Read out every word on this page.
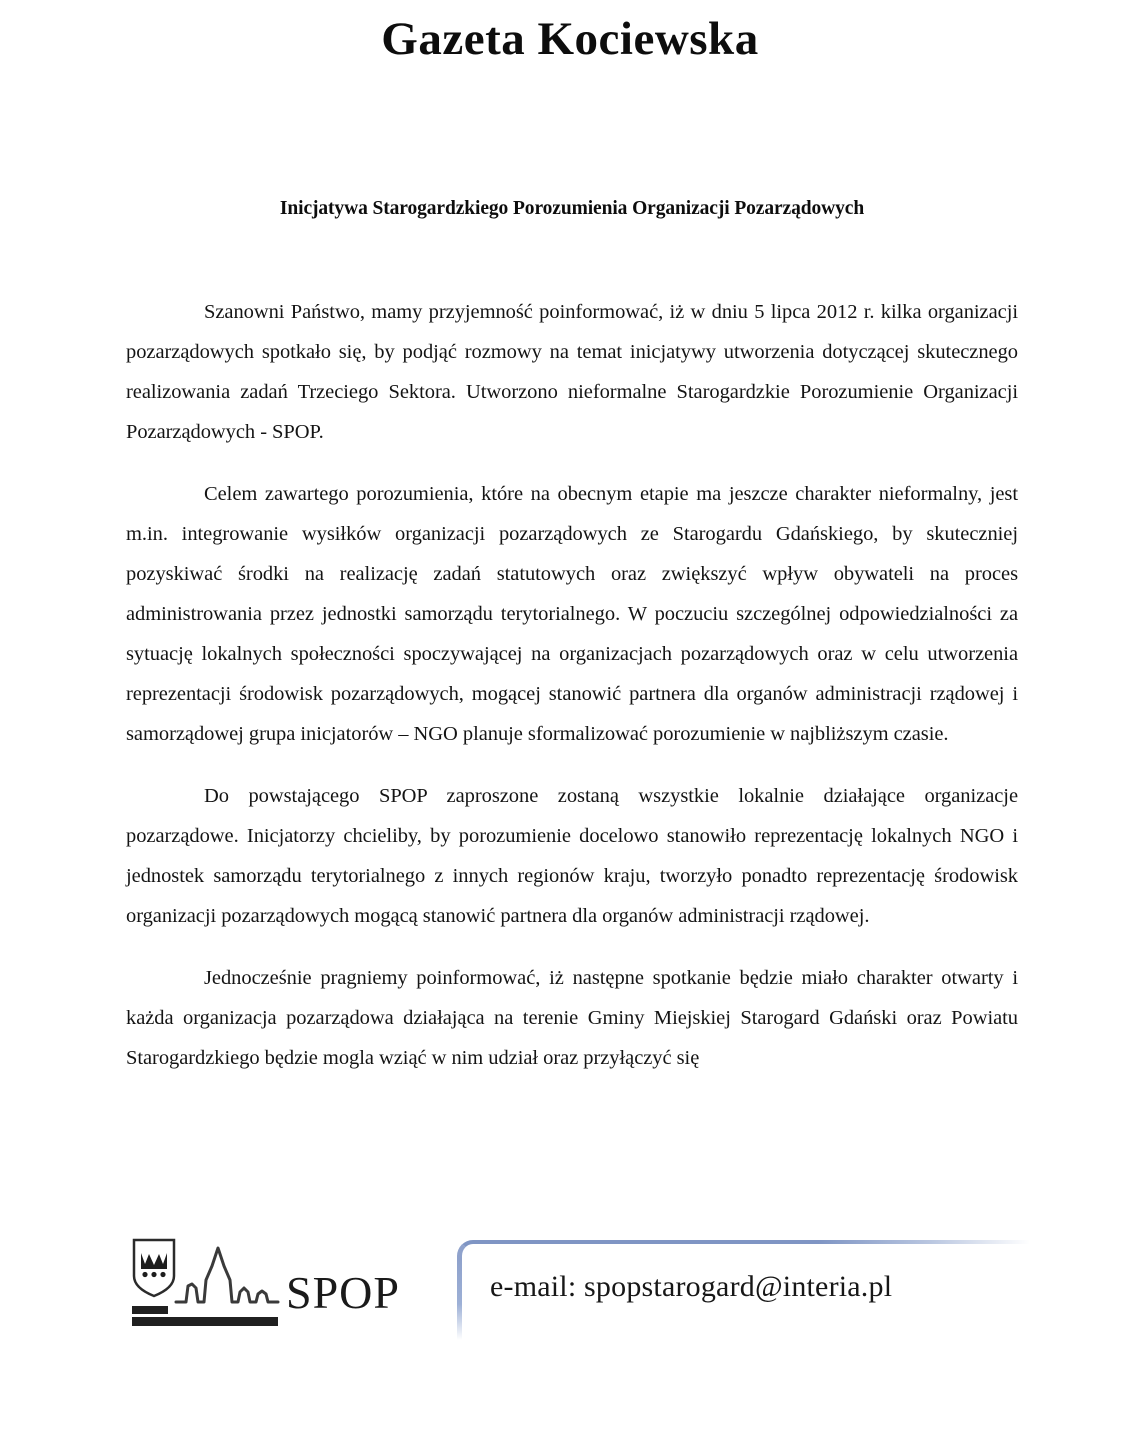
Gazeta Kociewska
Inicjatywa Starogardzkiego Porozumienia Organizacji Pozarządowych

Szanowni Państwo, mamy przyjemność poinformować, iż w dniu 5 lipca 2012 r. kilka organizacji pozarządowych spotkało się, by podjąć rozmowy na temat inicjatywy utworzenia dotyczącej skutecznego realizowania zadań Trzeciego Sektora. Utworzono nieformalne Starogardzkie Porozumienie Organizacji Pozarządowych - SPOP.

Celem zawartego porozumienia, które na obecnym etapie ma jeszcze charakter nieformalny, jest m.in. integrowanie wysiłków organizacji pozarządowych ze Starogardu Gdańskiego, by skuteczniej pozyskiwać środki na realizację zadań statutowych oraz zwiększyć wpływ obywateli na proces administrowania przez jednostki samorządu terytorialnego. W poczuciu szczególnej odpowiedzialności za sytuację lokalnych społeczności spoczywającej na organizacjach pozarządowych oraz w celu utworzenia reprezentacji środowisk pozarządowych, mogącej stanowić partnera dla organów administracji rządowej i samorządowej grupa inicjatorów – NGO planuje sformalizować porozumienie w najbliższym czasie.

Do powstającego SPOP zaproszone zostaną wszystkie lokalnie działające organizacje pozarządowe. Inicjatorzy chcieliby, by porozumienie docelowo stanowiło reprezentację lokalnych NGO i jednostek samorządu terytorialnego z innych regionów kraju, tworzyło ponadto reprezentację środowisk organizacji pozarządowych mogącą stanowić partnera dla organów administracji rządowej.

Jednocześnie pragniemy poinformować, iż następne spotkanie będzie miało charakter otwarty i każda organizacja pozarządowa działająca na terenie Gminy Miejskiej Starogard Gdański oraz Powiatu Starogardzkiego będzie mogla wziąć w nim udział oraz przyłączyć się

SPOP	e-mail: spopstarogard@interia.pl
